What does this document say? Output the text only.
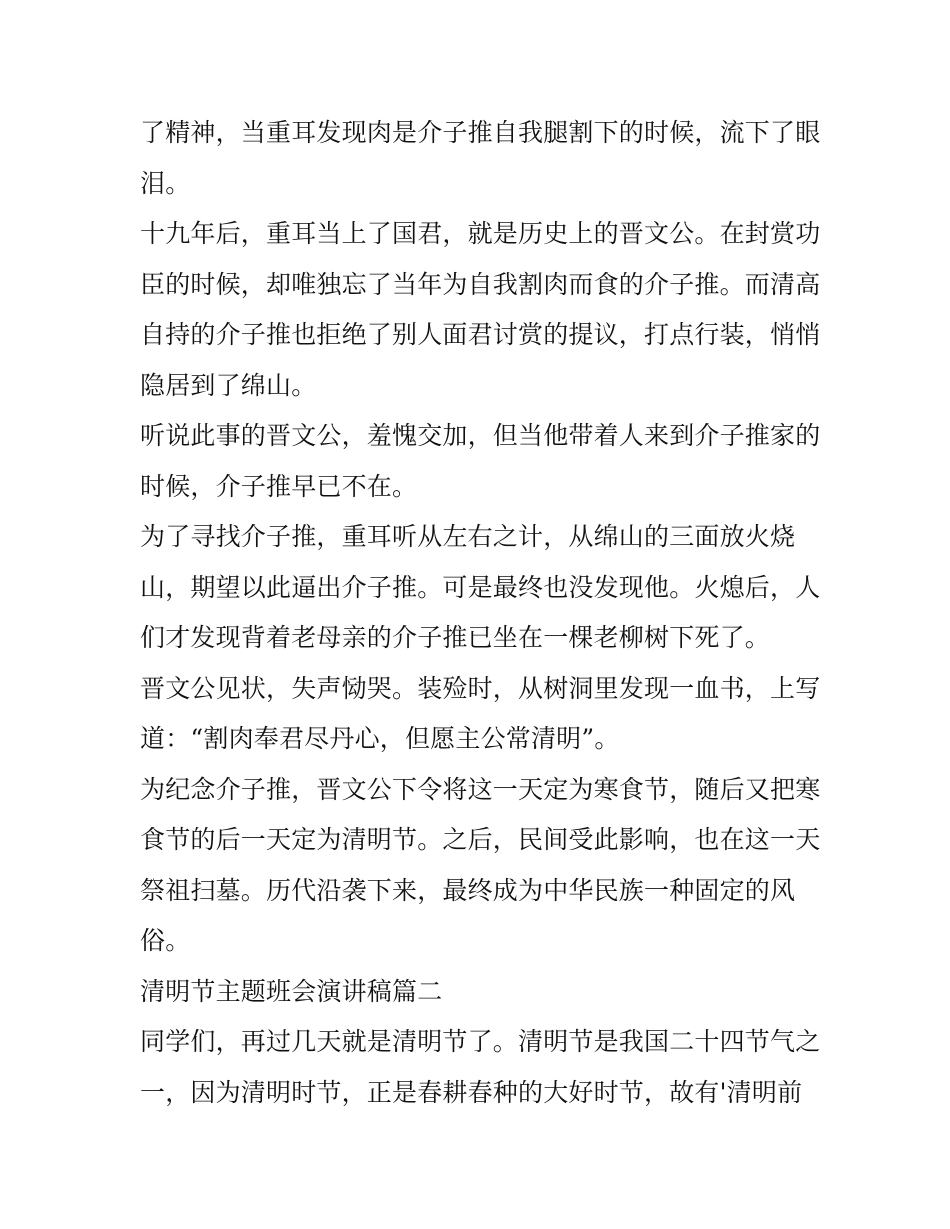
了精神，当重耳发现肉是介子推自我腿割下的时候，流下了眼
泪。
十九年后，重耳当上了国君，就是历史上的晋文公。在封赏功
臣的时候，却唯独忘了当年为自我割肉而食的介子推。而清高
自持的介子推也拒绝了别人面君讨赏的提议，打点行装，悄悄
隐居到了绵山。
听说此事的晋文公，羞愧交加，但当他带着人来到介子推家的
时候，介子推早已不在。
为了寻找介子推，重耳听从左右之计，从绵山的三面放火烧
山，期望以此逼出介子推。可是最终也没发现他。火熄后，人
们才发现背着老母亲的介子推已坐在一棵老柳树下死了。
晋文公见状，失声恸哭。装殓时，从树洞里发现一血书，上写
道：“割肉奉君尽丹心，但愿主公常清明”。
为纪念介子推，晋文公下令将这一天定为寒食节，随后又把寒
食节的后一天定为清明节。之后，民间受此影响，也在这一天
祭祖扫墓。历代沿袭下来，最终成为中华民族一种固定的风
俗。
清明节主题班会演讲稿篇二
同学们，再过几天就是清明节了。清明节是我国二十四节气之
一，因为清明时节，正是春耕春种的大好时节，故有'清明前
